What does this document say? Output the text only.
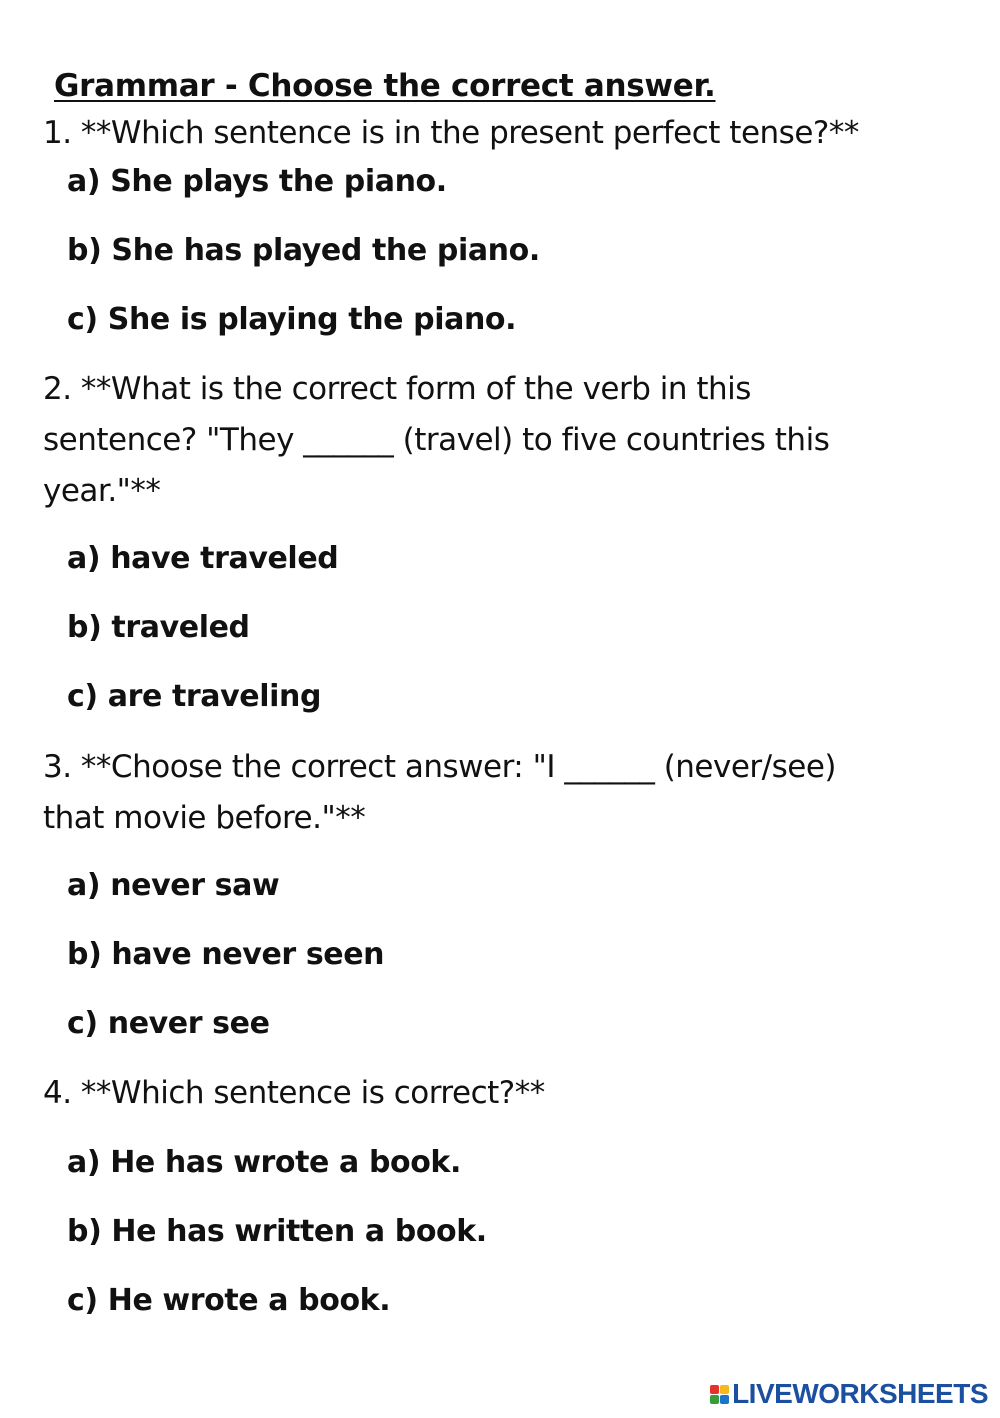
Grammar - Choose the correct answer.
1. **Which sentence is in the present perfect tense?**
a) She plays the piano.
b) She has played the piano.
c) She is playing the piano.
2. **What is the correct form of the verb in this
sentence? "They ______ (travel) to five countries this
year."**
a) have traveled
b) traveled
c) are traveling
3. **Choose the correct answer: "I ______ (never/see)
that movie before."**
a) never saw
b) have never seen
c) never see
4. **Which sentence is correct?**
a) He has wrote a book.
b) He has written a book.
c) He wrote a book.
LIVEWORKSHEETS
